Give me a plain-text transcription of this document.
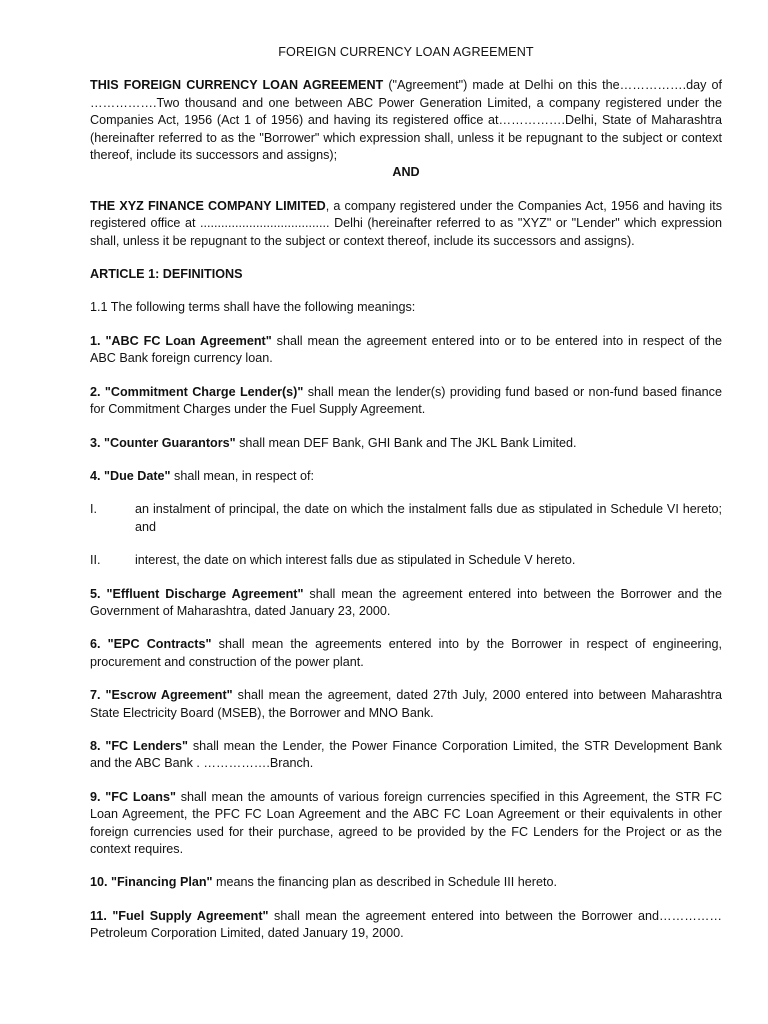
FOREIGN CURRENCY LOAN AGREEMENT

THIS FOREIGN CURRENCY LOAN AGREEMENT ("Agreement") made at Delhi on this the…………….day of …………….Two thousand and one between ABC Power Generation Limited, a company registered under the Companies Act, 1956 (Act 1 of 1956) and having its registered office at…………….Delhi, State of Maharashtra (hereinafter referred to as the "Borrower" which expression shall, unless it be repugnant to the subject or context thereof, include its successors and assigns);

AND

THE XYZ FINANCE COMPANY LIMITED, a company registered under the Companies Act, 1956 and having its registered office at ..................................... Delhi (hereinafter referred to as "XYZ" or "Lender" which expression shall, unless it be repugnant to the subject or context thereof, include its successors and assigns).

ARTICLE 1: DEFINITIONS

1.1 The following terms shall have the following meanings:

1. "ABC FC Loan Agreement" shall mean the agreement entered into or to be entered into in respect of the ABC Bank foreign currency loan.

2. "Commitment Charge Lender(s)" shall mean the lender(s) providing fund based or non-fund based finance for Commitment Charges under the Fuel Supply Agreement.

3. "Counter Guarantors" shall mean DEF Bank, GHI Bank and The JKL Bank Limited.

4. "Due Date" shall mean, in respect of:

I.	an instalment of principal, the date on which the instalment falls due as stipulated in Schedule VI hereto; and
II.	interest, the date on which interest falls due as stipulated in Schedule V hereto.

5. "Effluent Discharge Agreement" shall mean the agreement entered into between the Borrower and the Government of Maharashtra, dated January 23, 2000.

6. "EPC Contracts" shall mean the agreements entered into by the Borrower in respect of engineering, procurement and construction of the power plant.

7. "Escrow Agreement" shall mean the agreement, dated 27th July, 2000 entered into between Maharashtra State Electricity Board (MSEB), the Borrower and MNO Bank.

8. "FC Lenders" shall mean the Lender, the Power Finance Corporation Limited, the STR Development Bank and the ABC Bank . …………….Branch.

9. "FC Loans" shall mean the amounts of various foreign currencies specified in this Agreement, the STR FC Loan Agreement, the PFC FC Loan Agreement and the ABC FC Loan Agreement or their equivalents in other foreign currencies used for their purchase, agreed to be provided by the FC Lenders for the Project or as the context requires.

10. "Financing Plan" means the financing plan as described in Schedule III hereto.

11. "Fuel Supply Agreement" shall mean the agreement entered into between the Borrower and…………… Petroleum Corporation Limited, dated January 19, 2000.
